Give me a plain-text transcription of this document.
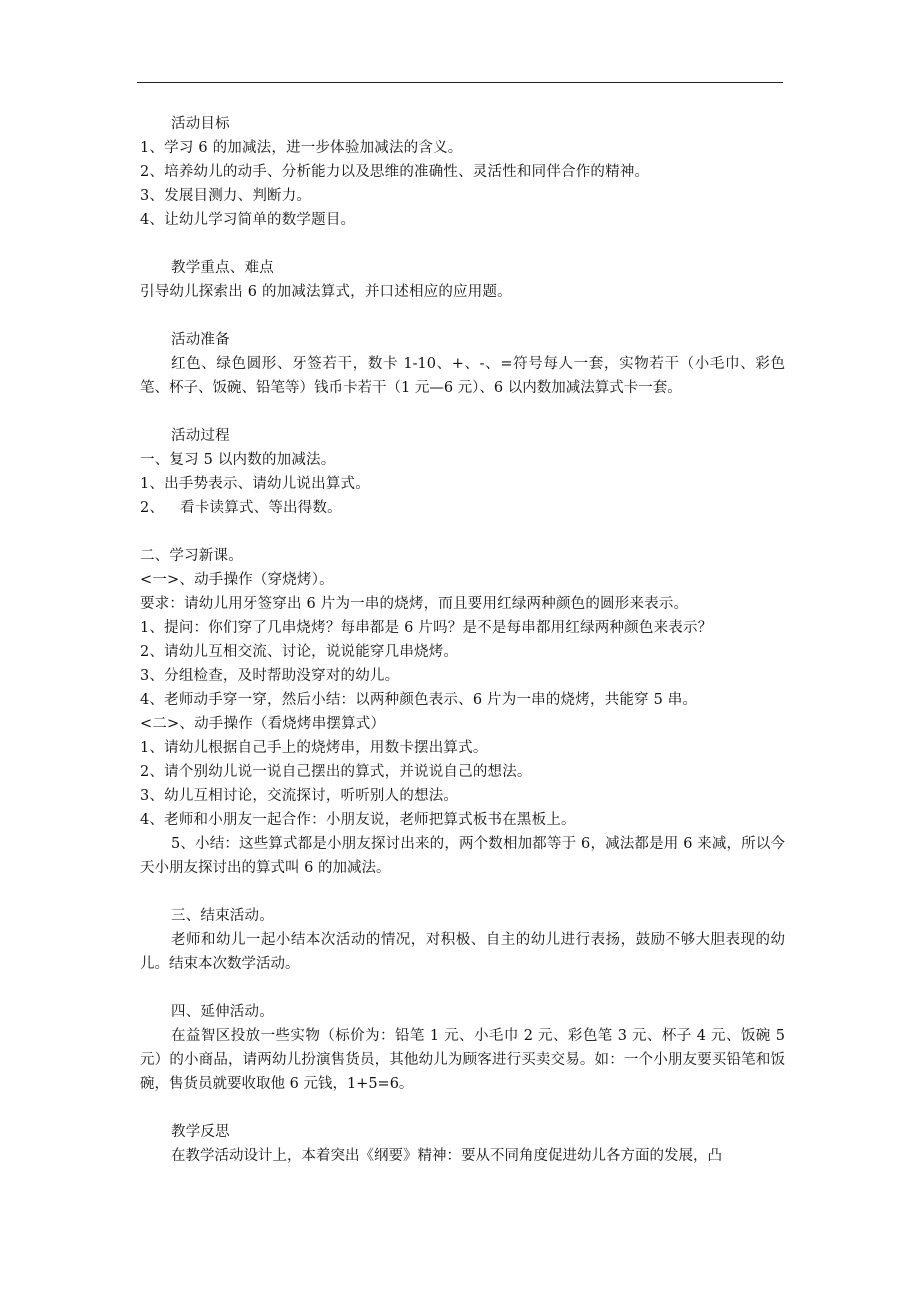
活动目标
1、学习 6 的加减法，进一步体验加减法的含义。
2、培养幼儿的动手、分析能力以及思维的准确性、灵活性和同伴合作的精神。
3、发展目测力、判断力。
4、让幼儿学习简单的数学题目。
教学重点、难点
引导幼儿探索出 6 的加减法算式，并口述相应的应用题。
活动准备
红色、绿色圆形、牙签若干，数卡 1-10、+、-、=符号每人一套，实物若干（小毛巾、彩色笔、杯子、饭碗、铅笔等）钱币卡若干（1 元—6 元）、6 以内数加减法算式卡一套。
活动过程
一、复习 5 以内数的加减法。
1、出手势表示、请幼儿说出算式。
2、 看卡读算式、等出得数。
二、学习新课。
<一>、动手操作（穿烧烤）。
要求：请幼儿用牙签穿出 6 片为一串的烧烤，而且要用红绿两种颜色的圆形来表示。
1、提问：你们穿了几串烧烤？每串都是 6 片吗？是不是每串都用红绿两种颜色来表示？
2、请幼儿互相交流、讨论，说说能穿几串烧烤。
3、分组检查，及时帮助没穿对的幼儿。
4、老师动手穿一穿，然后小结：以两种颜色表示、6 片为一串的烧烤，共能穿 5 串。
<二>、动手操作（看烧烤串摆算式）
1、请幼儿根据自己手上的烧烤串，用数卡摆出算式。
2、请个别幼儿说一说自己摆出的算式，并说说自己的想法。
3、幼儿互相讨论，交流探讨，听听别人的想法。
4、老师和小朋友一起合作：小朋友说，老师把算式板书在黑板上。
5、小结：这些算式都是小朋友探讨出来的，两个数相加都等于 6，减法都是用 6 来减，所以今天小朋友探讨出的算式叫 6 的加减法。
三、结束活动。
老师和幼儿一起小结本次活动的情况，对积极、自主的幼儿进行表扬，鼓励不够大胆表现的幼儿。结束本次数学活动。
四、延伸活动。
在益智区投放一些实物（标价为：铅笔 1 元、小毛巾 2 元、彩色笔 3 元、杯子 4 元、饭碗 5 元）的小商品，请两幼儿扮演售货员，其他幼儿为顾客进行买卖交易。如：一个小朋友要买铅笔和饭碗，售货员就要收取他 6 元钱，1+5=6。
教学反思
在教学活动设计上，本着突出《纲要》精神：要从不同角度促进幼儿各方面的发展，凸
